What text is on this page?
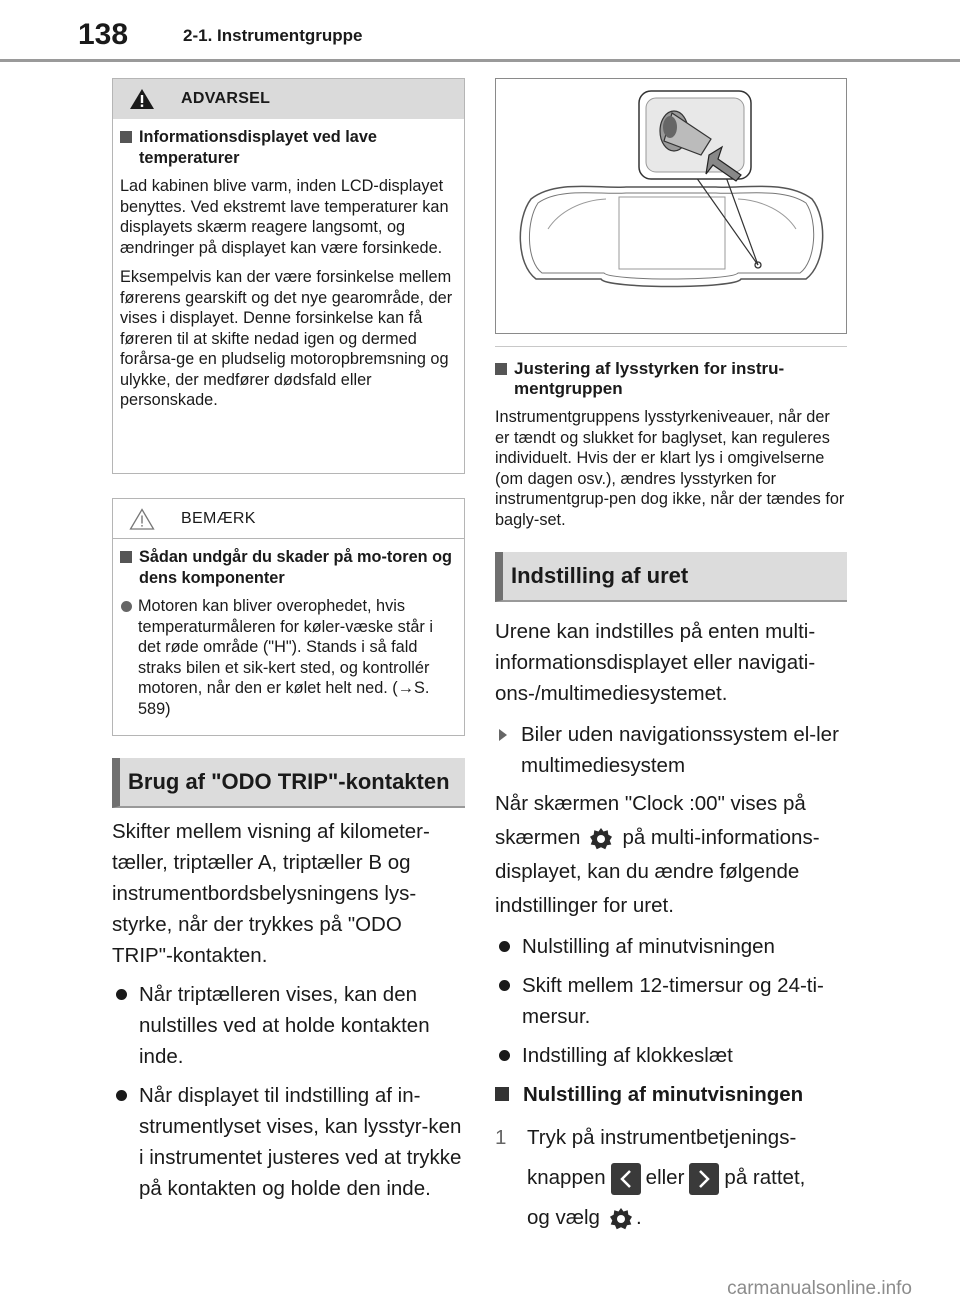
138	2-1. Instrumentgruppe
ADVARSEL
Informationsdisplayet ved lave temperaturer

Lad kabinen blive varm, inden LCD-displayet benyttes. Ved ekstremt lave temperaturer kan displayets skærm reagere langsomt, og ændringer på displayet kan være forsinkede.

Eksempelvis kan der være forsinkelse mellem førerens gearskift og det nye gearområde, der vises i displayet. Denne forsinkelse kan få føreren til at skifte nedad igen og dermed forårsa-ge en pludselig motoropbremsning og ulykke, der medfører dødsfald eller personskade.

BEMÆRK
Sådan undgår du skader på mo-toren og dens komponenter
Motoren kan bliver overophedet, hvis temperaturmåleren for køler-væske står i det røde område ("H"). Stands i så fald straks bilen et sik-kert sted, og kontrollér motoren, når den er kølet helt ned. (→S. 589)
Brug af "ODO TRIP"-kontakten

Skifter mellem visning af kilometer-tæller, triptæller A, triptæller B og instrumentbordsbelysningens lys-styrke, når der trykkes på "ODO TRIP"-kontakten.

Når triptælleren vises, kan den nulstilles ved at holde kontakten inde.
Når displayet til indstilling af in-strumentlyset vises, kan lysstyr-ken i instrumentet justeres ved at trykke på kontakten og holde den inde.
Justering af lysstyrken for instru-mentgruppen

Instrumentgruppens lysstyrkeniveauer, når der er tændt og slukket for baglyset, kan reguleres individuelt. Hvis der er klart lys i omgivelserne (om dagen osv.), ændres lysstyrken for instrumentgrup-pen dog ikke, når der tændes for bagly-set.

Indstilling af uret

Urene kan indstilles på enten multi-informationsdisplayet eller navigati-ons-/multimediesystemet.

Biler uden navigationssystem el-ler multimediesystem

Når skærmen "Clock :00" vises på skærmen på multi-informations-displayet, kan du ændre følgende indstillinger for uret.

Nulstilling af minutvisningen
Skift mellem 12-timersur og 24-ti-mersur.
Indstilling af klokkeslæt
Nulstilling af minutvisningen
1	Tryk på instrumentbetjenings-knappen eller på rattet,
og vælg .
carmanualsonline.info
